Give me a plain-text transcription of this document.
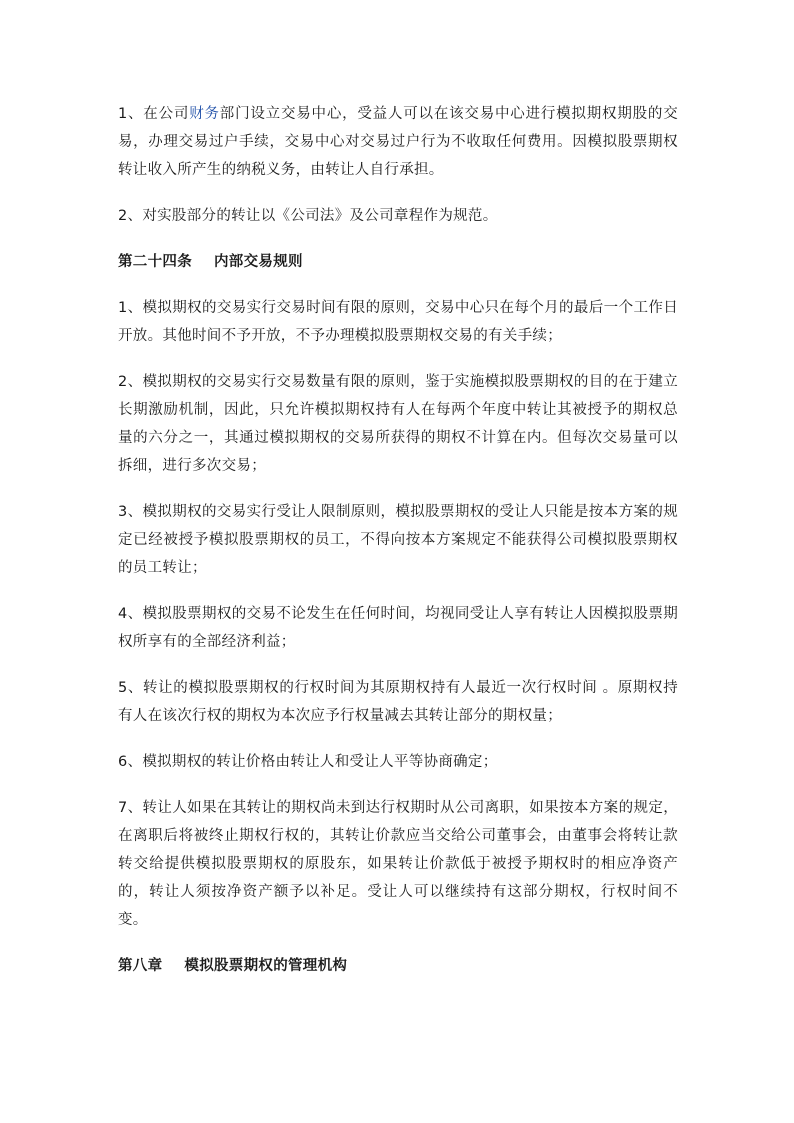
1、在公司财务部门设立交易中心，受益人可以在该交易中心进行模拟期权期股的交易，办理交易过户手续，交易中心对交易过户行为不收取任何费用。因模拟股票期权转让收入所产生的纳税义务，由转让人自行承担。

2、对实股部分的转让以《公司法》及公司章程作为规范。

第二十四条 内部交易规则

1、模拟期权的交易实行交易时间有限的原则，交易中心只在每个月的最后一个工作日开放。其他时间不予开放，不予办理模拟股票期权交易的有关手续；

2、模拟期权的交易实行交易数量有限的原则，鉴于实施模拟股票期权的目的在于建立长期激励机制，因此，只允许模拟期权持有人在每两个年度中转让其被授予的期权总量的六分之一，其通过模拟期权的交易所获得的期权不计算在内。但每次交易量可以拆细，进行多次交易；

3、模拟期权的交易实行受让人限制原则，模拟股票期权的受让人只能是按本方案的规定已经被授予模拟股票期权的员工，不得向按本方案规定不能获得公司模拟股票期权的员工转让；

4、模拟股票期权的交易不论发生在任何时间，均视同受让人享有转让人因模拟股票期权所享有的全部经济利益；

5、转让的模拟股票期权的行权时间为其原期权持有人最近一次行权时间 。原期权持有人在该次行权的期权为本次应予行权量减去其转让部分的期权量；

6、模拟期权的转让价格由转让人和受让人平等协商确定；

7、转让人如果在其转让的期权尚未到达行权期时从公司离职，如果按本方案的规定，在离职后将被终止期权行权的，其转让价款应当交给公司董事会，由董事会将转让款转交给提供模拟股票期权的原股东，如果转让价款低于被授予期权时的相应净资产的，转让人须按净资产额予以补足。受让人可以继续持有这部分期权，行权时间不变。

第八章 模拟股票期权的管理机构
